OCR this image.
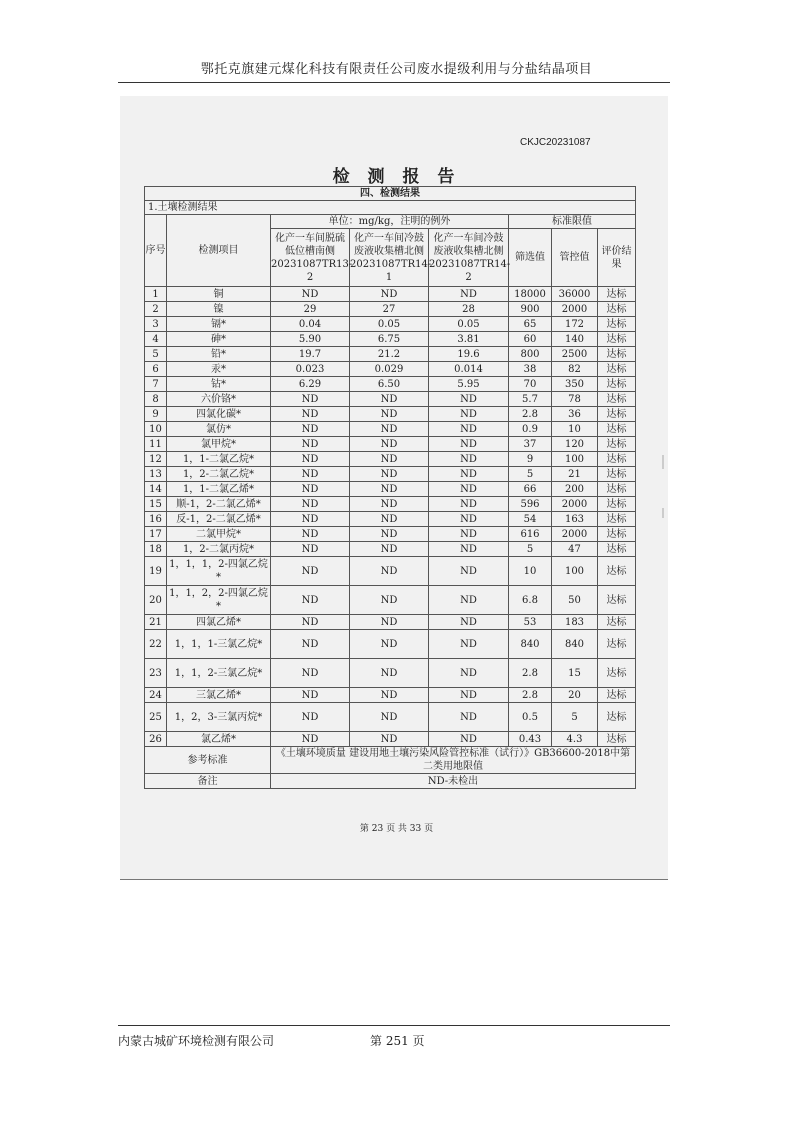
鄂托克旗建元煤化科技有限责任公司废水提级利用与分盐结晶项目
CKJC20231087
检 测 报 告
四、检测结果							
1.土壤检测结果							
序号	检测项目	单位：mg/kg，注明的例外			标准限值		
		化产一车间脱硫低位槽南侧20231087TR13-2	化产一车间冷鼓废液收集槽北侧20231087TR14-1	化产一车间冷鼓废液收集槽北侧20231087TR14-2	筛选值	管控值	评价结果
1	铜	ND	ND	ND	18000	36000	达标
2	镍	29	27	28	900	2000	达标
3	镉*	0.04	0.05	0.05	65	172	达标
4	砷*	5.90	6.75	3.81	60	140	达标
5	铅*	19.7	21.2	19.6	800	2500	达标
6	汞*	0.023	0.029	0.014	38	82	达标
7	钴*	6.29	6.50	5.95	70	350	达标
8	六价铬*	ND	ND	ND	5.7	78	达标
9	四氯化碳*	ND	ND	ND	2.8	36	达标
10	氯仿*	ND	ND	ND	0.9	10	达标
11	氯甲烷*	ND	ND	ND	37	120	达标
12	1，1-二氯乙烷*	ND	ND	ND	9	100	达标
13	1，2-二氯乙烷*	ND	ND	ND	5	21	达标
14	1，1-二氯乙烯*	ND	ND	ND	66	200	达标
15	顺-1，2-二氯乙烯*	ND	ND	ND	596	2000	达标
16	反-1，2-二氯乙烯*	ND	ND	ND	54	163	达标
17	二氯甲烷*	ND	ND	ND	616	2000	达标
18	1，2-二氯丙烷*	ND	ND	ND	5	47	达标
19	1，1，1，2-四氯乙烷*	ND	ND	ND	10	100	达标
20	1，1，2，2-四氯乙烷*	ND	ND	ND	6.8	50	达标
21	四氯乙烯*	ND	ND	ND	53	183	达标
22	1，1，1-三氯乙烷*	ND	ND	ND	840	840	达标
23	1，1，2-三氯乙烷*	ND	ND	ND	2.8	15	达标
24	三氯乙烯*	ND	ND	ND	2.8	20	达标
25	1，2，3-三氯丙烷*	ND	ND	ND	0.5	5	达标
26	氯乙烯*	ND	ND	ND	0.43	4.3	达标
参考标准		《土壤环境质量 建设用地土壤污染风险管控标准（试行）》GB36600-2018中第二类用地限值					
备注		ND-未检出					
第 23 页 共 33 页
内蒙古城矿环境检测有限公司	第 251 页
